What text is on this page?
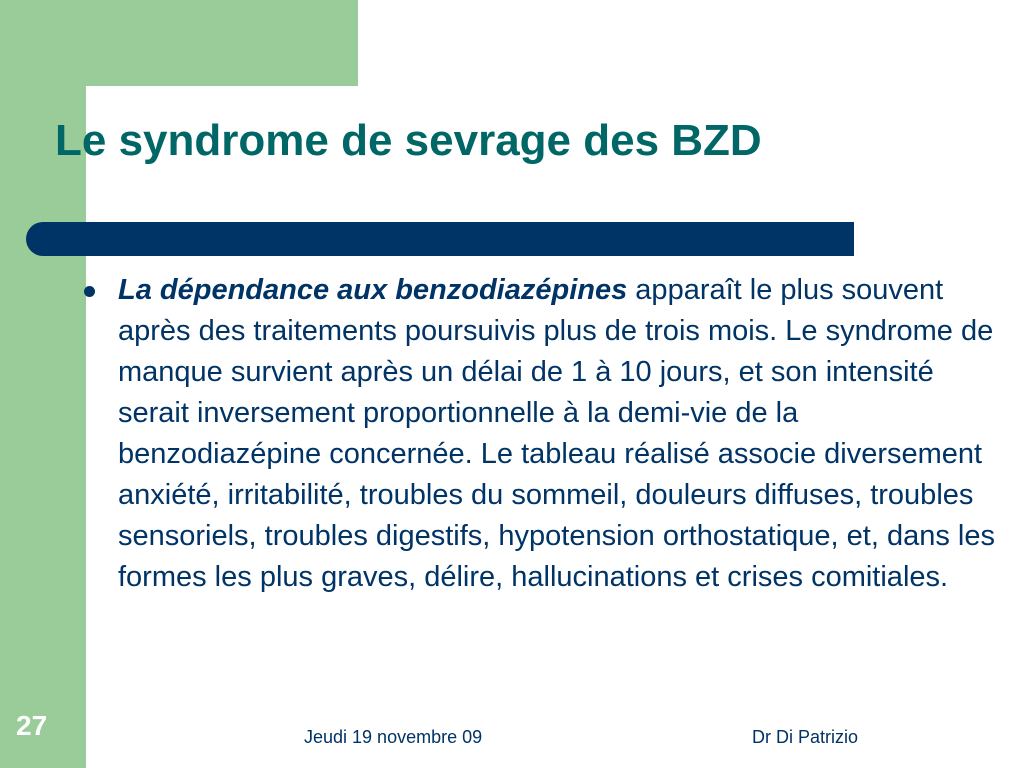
Le syndrome de sevrage des BZD

La dépendance aux benzodiazépines apparaît le plus souvent après des traitements poursuivis plus de trois mois. Le syndrome de manque survient après un délai de 1 à 10 jours, et son intensité serait inversement proportionnelle à la demi-vie de la benzodiazépine concernée. Le tableau réalisé associe diversement anxiété, irritabilité, troubles du sommeil, douleurs diffuses, troubles sensoriels, troubles digestifs, hypotension orthostatique, et, dans les formes les plus graves, délire, hallucinations et crises comitiales.

27	Jeudi 19 novembre 09	Dr Di Patrizio
